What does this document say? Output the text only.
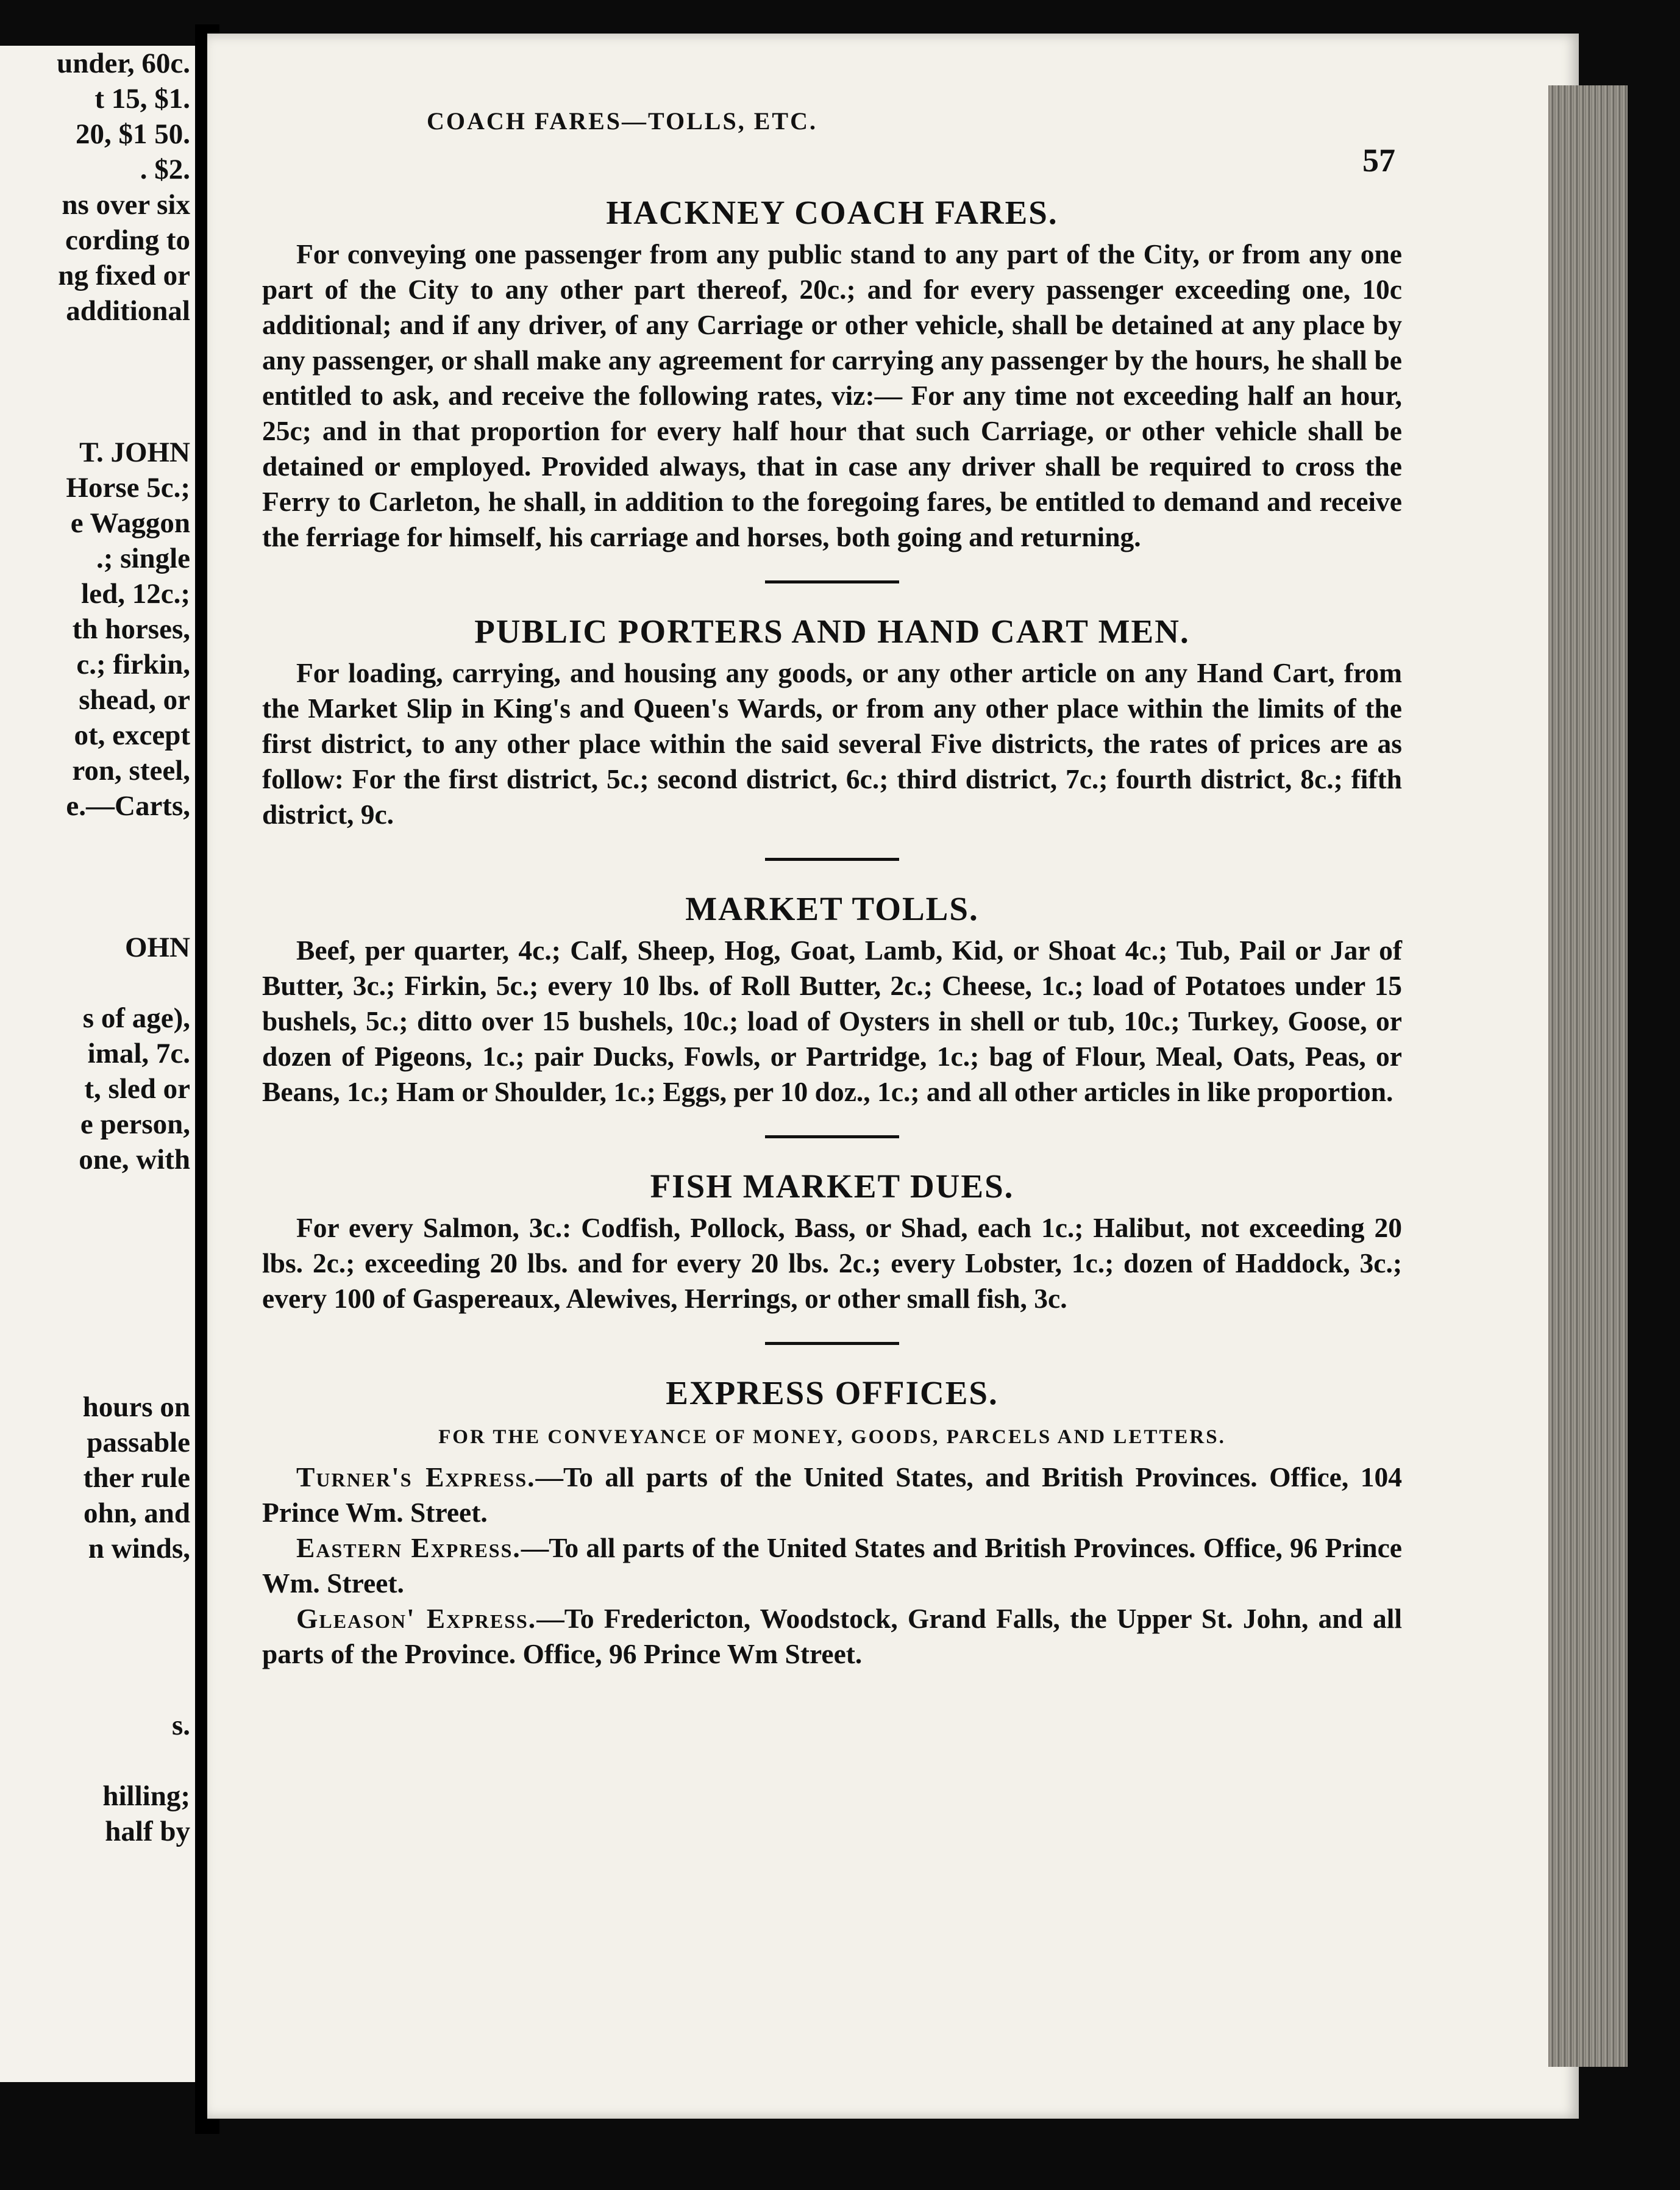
under, 60c.
t 15, $1.
20, $1 50.
. $2.
ns over six
cording to
ng fixed or
additional
T. JOHN
Horse 5c.;
e Waggon
.; single
led, 12c.;
th horses,
c.; firkin,
shead, or
ot, except
ron, steel,
e.—Carts,
OHN
s of age),
imal, 7c.
t, sled or
e person,
one, with
hours on
passable
ther rule
ohn, and
n winds,
s.
hilling;
half by
COACH FARES—TOLLS, ETC.
57
HACKNEY COACH FARES.

For conveying one passenger from any public stand to any part of the City, or from any one part of the City to any other part thereof, 20c.; and for every passenger exceeding one, 10c additional; and if any driver, of any Carriage or other vehicle, shall be detained at any place by any passenger, or shall make any agreement for carrying any passenger by the hours, he shall be entitled to ask, and receive the following rates, viz:— For any time not exceeding half an hour, 25c; and in that proportion for every half hour that such Carriage, or other vehicle shall be detained or employed. Provided always, that in case any driver shall be required to cross the Ferry to Carleton, he shall, in addition to the foregoing fares, be entitled to demand and receive the ferriage for himself, his carriage and horses, both going and returning.

PUBLIC PORTERS AND HAND CART MEN.

For loading, carrying, and housing any goods, or any other article on any Hand Cart, from the Market Slip in King's and Queen's Wards, or from any other place within the limits of the first district, to any other place within the said several Five districts, the rates of prices are as follow: For the first district, 5c.; second district, 6c.; third district, 7c.; fourth district, 8c.; fifth district, 9c.

MARKET TOLLS.

Beef, per quarter, 4c.; Calf, Sheep, Hog, Goat, Lamb, Kid, or Shoat 4c.; Tub, Pail or Jar of Butter, 3c.; Firkin, 5c.; every 10 lbs. of Roll Butter, 2c.; Cheese, 1c.; load of Potatoes under 15 bushels, 5c.; ditto over 15 bushels, 10c.; load of Oysters in shell or tub, 10c.; Turkey, Goose, or dozen of Pigeons, 1c.; pair Ducks, Fowls, or Partridge, 1c.; bag of Flour, Meal, Oats, Peas, or Beans, 1c.; Ham or Shoulder, 1c.; Eggs, per 10 doz., 1c.; and all other articles in like proportion.

FISH MARKET DUES.

For every Salmon, 3c.: Codfish, Pollock, Bass, or Shad, each 1c.; Halibut, not exceeding 20 lbs. 2c.; exceeding 20 lbs. and for every 20 lbs. 2c.; every Lobster, 1c.; dozen of Haddock, 3c.; every 100 of Gaspereaux, Alewives, Herrings, or other small fish, 3c.

EXPRESS OFFICES.
FOR THE CONVEYANCE OF MONEY, GOODS, PARCELS AND LETTERS.

Turner's Express.—To all parts of the United States, and British Provinces. Office, 104 Prince Wm. Street.

Eastern Express.—To all parts of the United States and British Provinces. Office, 96 Prince Wm. Street.

Gleason' Express.—To Fredericton, Woodstock, Grand Falls, the Upper St. John, and all parts of the Province. Office, 96 Prince Wm Street.
